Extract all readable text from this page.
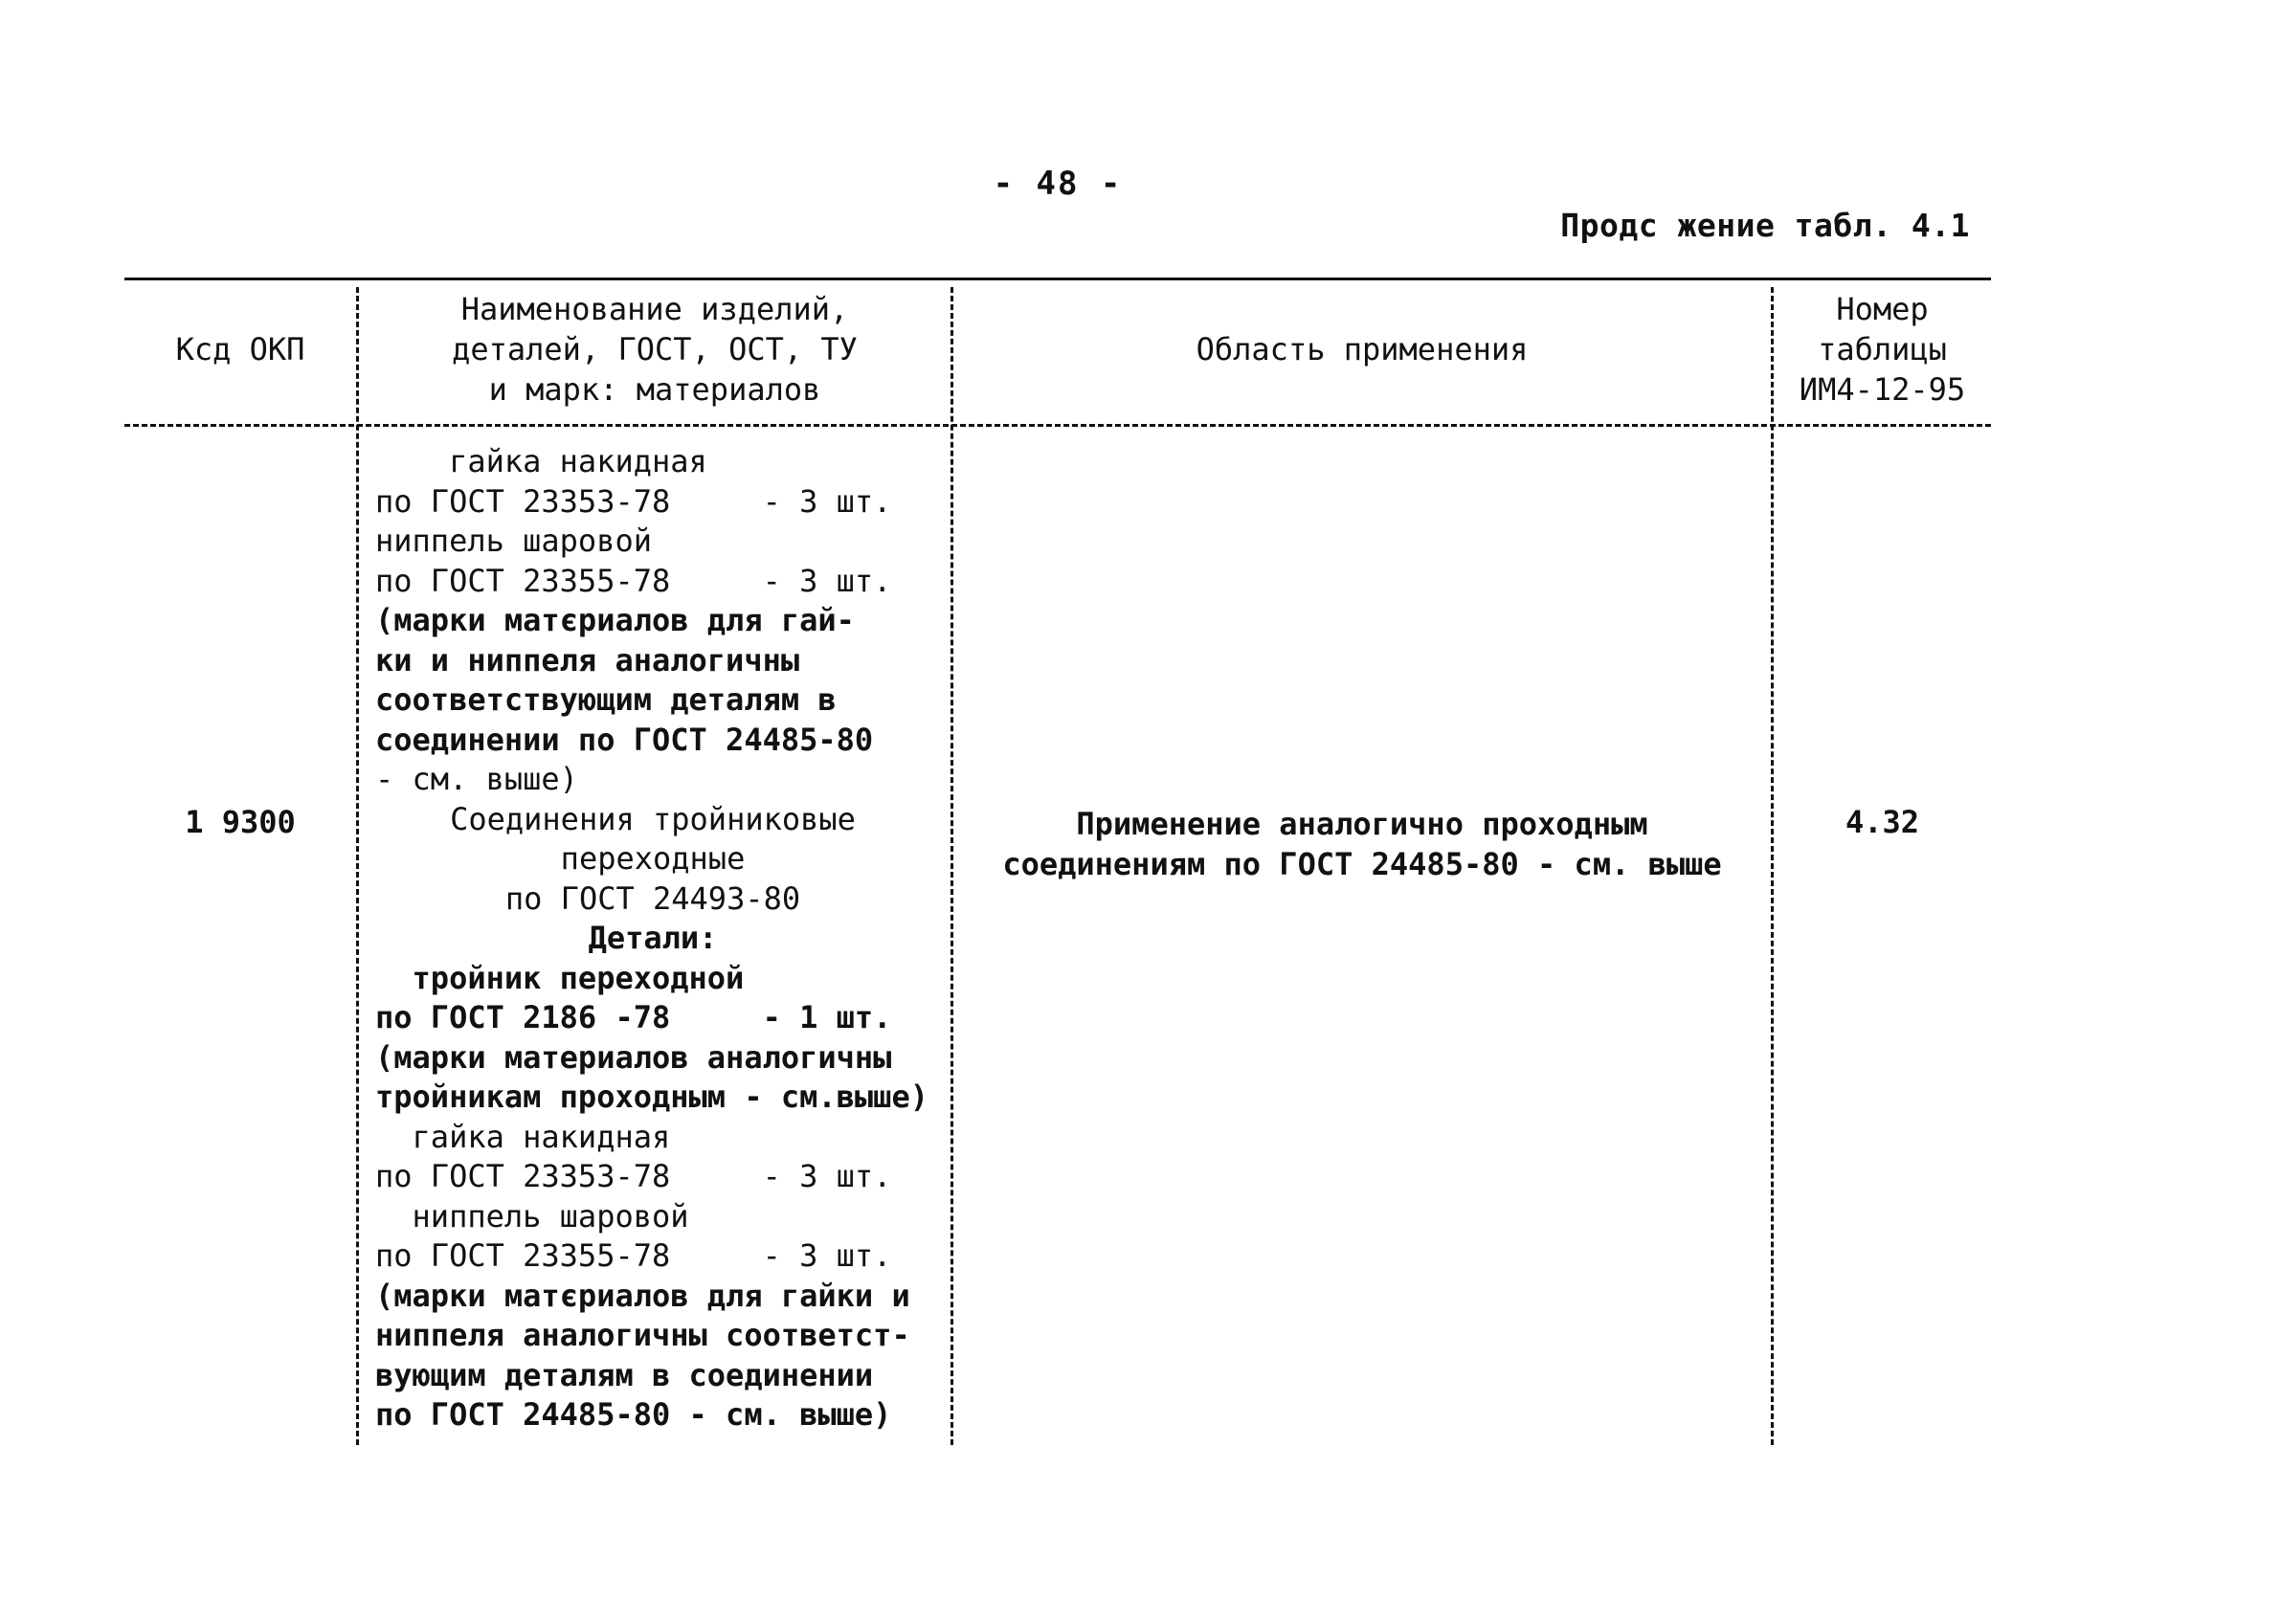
- 48 -
Продс жение табл. 4.1
Кcд ОКП
Наименование изделий,
деталей, ГОСТ, ОСТ, ТУ
и марк: материалов
Область применения
Номер
таблицы
ИМ4-12-95
1 9300
гайка накидная
по ГОСТ 23353-78     - 3 шт.
ниппель шаровой
по ГОСТ 23355-78     - 3 шт.
(марки матєриалов для гай-
ки и ниппеля аналогичны
соответствующим деталям в
соединении по ГОСТ 24485-80
- см. выше)
Соединения тройниковые
переходные
по ГОСТ 24493-80
Детали:
тройник переходной
по ГОСТ 2186 -78     - 1 шт.
(марки материалов аналогичны
тройникам проходным - см.выше)
гайка накидная
по ГОСТ 23353-78     - 3 шт.
ниппель шаровой
по ГОСТ 23355-78     - 3 шт.
(марки матєриалов для гайки и
ниппеля аналогичны соответст-
вующим деталям в соединении
по ГОСТ 24485-80 - см. выше)
Применение аналогично проходным
соединениям по ГОСТ 24485-80 - см. выше
4.32
